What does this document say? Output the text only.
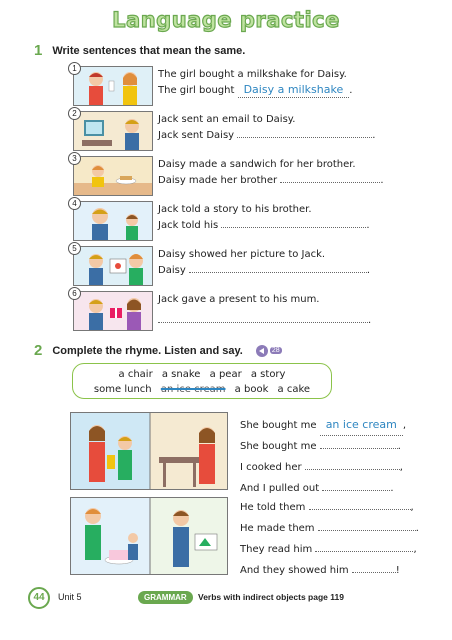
Language practice
1 Write sentences that mean the same.
1
The girl bought a milkshake for Daisy.
The girl bought Daisy a milkshake .
2
Jack sent an email to Daisy.
Jack sent Daisy	.
3
Daisy made a sandwich for her brother.
Daisy made her brother	.
4
Jack told a story to his brother.
Jack told his	.
5
Daisy showed her picture to Jack.
Daisy	.
6
Jack gave a present to his mum.
.
2 Complete the rhyme. Listen and say.	28
a chair a snake a pear a story
some lunch an ice cream a book a cake
She bought me an ice cream ,
She bought me	.
I cooked her	,
And I pulled out	.
He told them	,
He made them	.
They read him	,
And they showed him	!
44	Unit 5	GRAMMAR	Verbs with indirect objects page 119
